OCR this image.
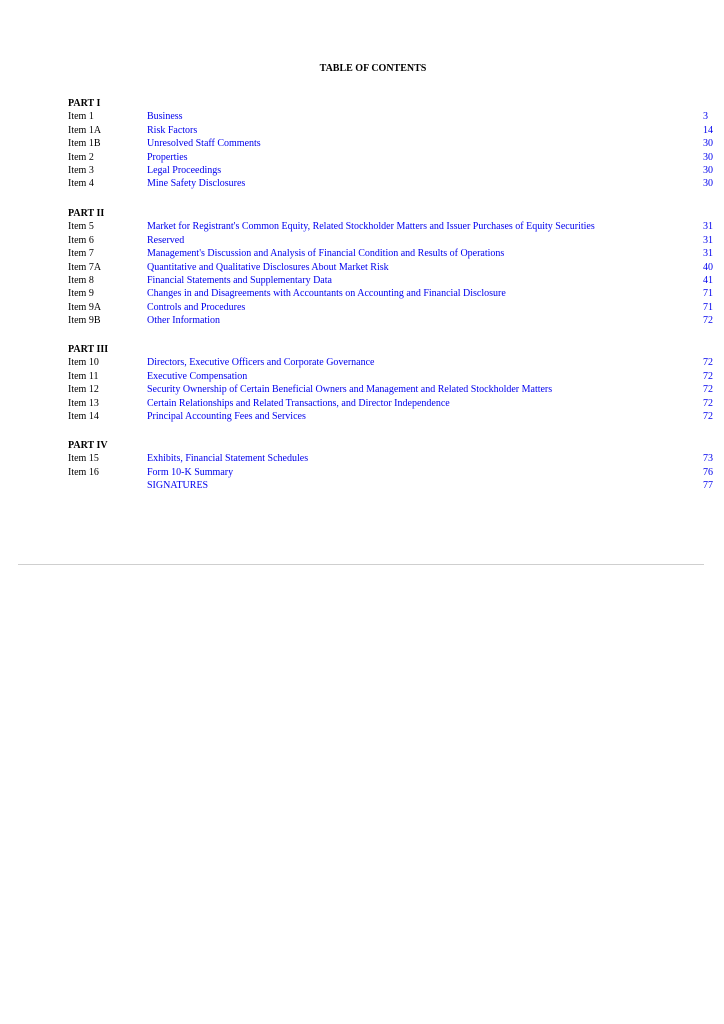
TABLE OF CONTENTS
PART I
Item 1	Business	3
Item 1A	Risk Factors	14
Item 1B	Unresolved Staff Comments	30
Item 2	Properties	30
Item 3	Legal Proceedings	30
Item 4	Mine Safety Disclosures	30
PART II
Item 5	Market for Registrant's Common Equity, Related Stockholder Matters and Issuer Purchases of Equity Securities	31
Item 6	Reserved	31
Item 7	Management's Discussion and Analysis of Financial Condition and Results of Operations	31
Item 7A	Quantitative and Qualitative Disclosures About Market Risk	40
Item 8	Financial Statements and Supplementary Data	41
Item 9	Changes in and Disagreements with Accountants on Accounting and Financial Disclosure	71
Item 9A	Controls and Procedures	71
Item 9B	Other Information	72
PART III
Item 10	Directors, Executive Officers and Corporate Governance	72
Item 11	Executive Compensation	72
Item 12	Security Ownership of Certain Beneficial Owners and Management and Related Stockholder Matters	72
Item 13	Certain Relationships and Related Transactions, and Director Independence	72
Item 14	Principal Accounting Fees and Services	72
PART IV
Item 15	Exhibits, Financial Statement Schedules	73
Item 16	Form 10-K Summary	76
SIGNATURES	77
